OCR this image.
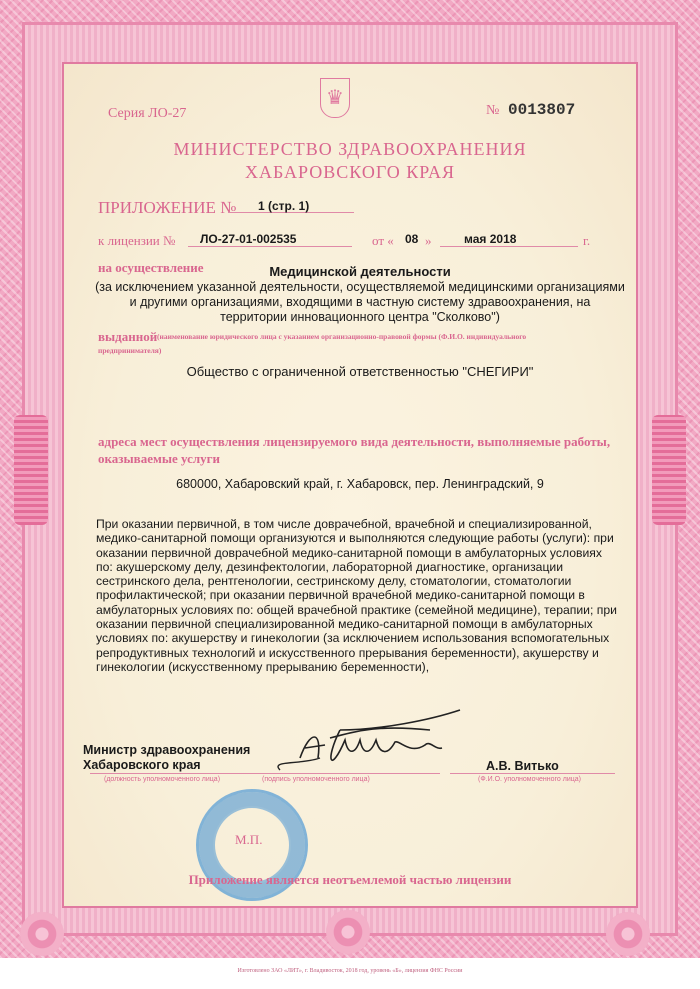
♛
Серия ЛО-27	№ 0013807
МИНИСТЕРСТВО ЗДРАВООХРАНЕНИЯ
ХАБАРОВСКОГО КРАЯ
ПРИЛОЖЕНИЕ № 1 (стр. 1)
к лицензии № ЛО-27-01-002535	от « 08 »	мая 2018	г.
на осуществление	Медицинской деятельности
(за исключением указанной деятельности, осуществляемой медицинскими организациями
и другими организациями, входящими в частную систему здравоохранения, на
территории инновационного центра "Сколково")
выданной (наименование юридического лица с указанием организационно-правовой формы (Ф.И.О. индивидуального
предпринимателя)
Общество с ограниченной ответственностью "СНЕГИРИ"
адреса мест осуществления лицензируемого вида деятельности, выполняемые работы,
оказываемые услуги
680000, Хабаровский край, г. Хабаровск, пер. Ленинградский, 9
При оказании первичной, в том числе доврачебной, врачебной и специализированной,
медико-санитарной помощи организуются и выполняются следующие работы (услуги): при
оказании первичной доврачебной медико-санитарной помощи в амбулаторных условиях
по: акушерскому делу, дезинфектологии, лабораторной диагностике, организации
сестринского дела, рентгенологии, сестринскому делу, стоматологии, стоматологии
профилактической; при оказании первичной врачебной медико-санитарной помощи в
амбулаторных условиях по: общей врачебной практике (семейной медицине), терапии; при
оказании первичной специализированной медико-санитарной помощи в амбулаторных
условиях по: акушерству и гинекологии (за исключением использования вспомогательных
репродуктивных технологий и искусственного прерывания беременности), акушерству и
гинекологии (искусственному прерыванию беременности),
Министр здравоохранения
Хабаровского края	А.В. Витько
(должность уполномоченного лица)	(подпись уполномоченного лица)	(Ф.И.О. уполномоченного лица)
М.П.
Приложение является неотъемлемой частью лицензии
Изготовлено ЗАО «ЛИТ», г. Владивосток, 2018 год, уровень «Б», лицензия ФНС России
